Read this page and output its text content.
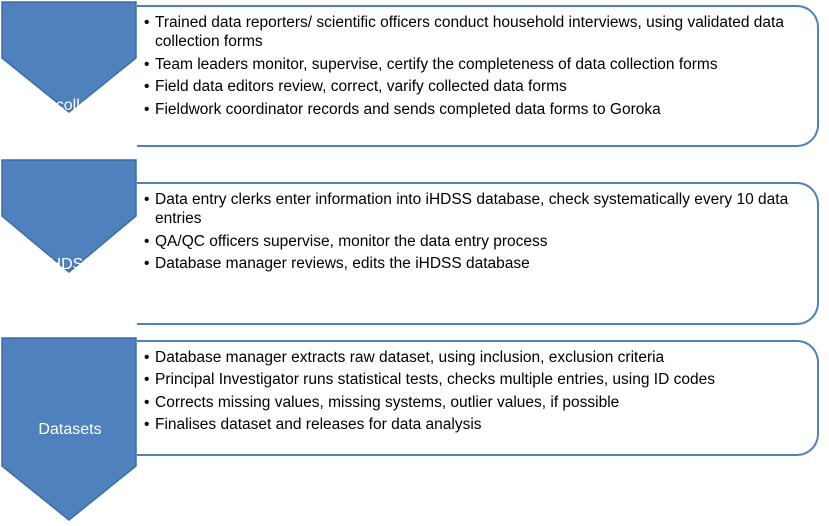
Data collection
• Trained data reporters/ scientific officers conduct household interviews, using validated data collection forms
• Team leaders monitor, supervise, certify the completeness of data collection forms
• Field data editors review, correct, varify collected data forms
• Fieldwork coordinator records and sends completed data forms to Goroka
iHDSS
Database
• Data entry clerks enter information into iHDSS database, check systematically every 10 data entries
• QA/QC officers supervise, monitor the data entry process
• Database manager reviews, edits the iHDSS database
Datasets
• Database manager extracts raw dataset, using inclusion, exclusion criteria
• Principal Investigator runs statistical tests, checks multiple entries, using ID codes
• Corrects missing values, missing systems, outlier values, if possible
• Finalises dataset and releases for data analysis
